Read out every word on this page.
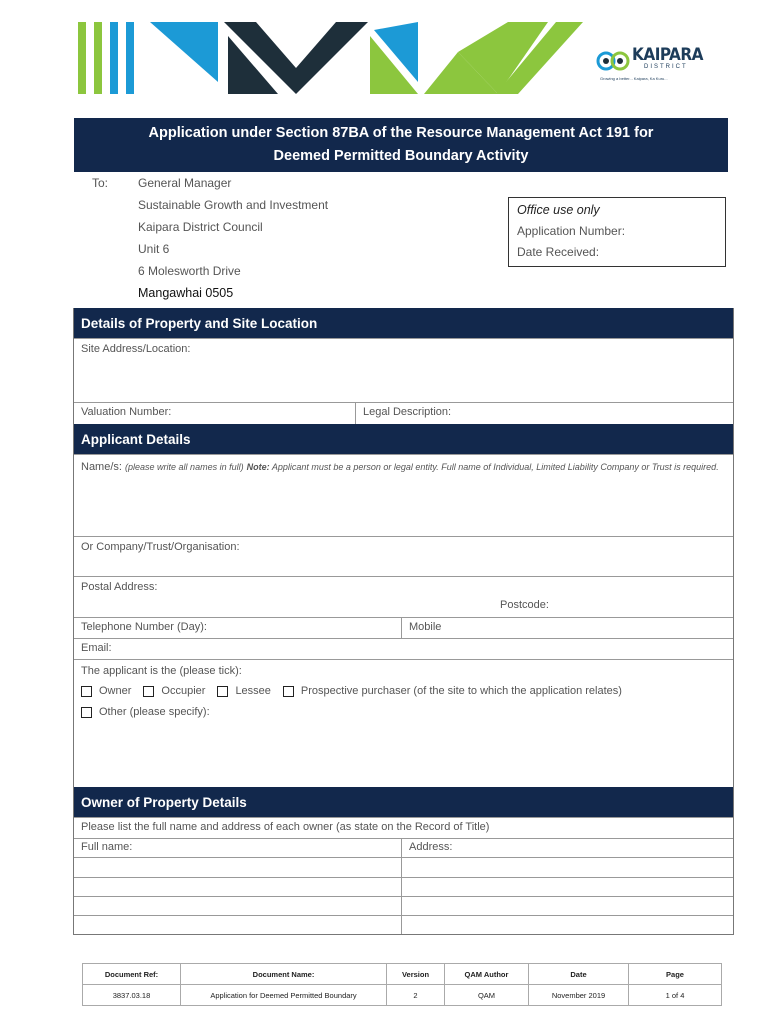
KAIPARA
DISTRICT
Growing a better... Kaipara, Ka Kuru...
Application under Section 87BA of the Resource Management Act 191 for
Deemed Permitted Boundary Activity
To: General Manager
Sustainable Growth and Investment
Kaipara District Council
Unit 6
6 Molesworth Drive
Mangawhai 0505
Office use only
Application Number:
Date Received:
Details of Property and Site Location
Site Address/Location:
Valuation Number:	Legal Description:
Applicant Details
Name/s: (please write all names in full) Note: Applicant must be a person or legal entity. Full name of Individual, Limited Liability Company or Trust is required.
Or Company/Trust/Organisation:
Postal Address:
Postcode:
Telephone Number (Day):	Mobile
Email:
The applicant is the (please tick):
Owner	Occupier	Lessee	Prospective purchaser (of the site to which the application relates)
Other (please specify):
Owner of Property Details
Please list the full name and address of each owner (as state on the Record of Title)
Full name:	Address:
Document Ref:	Document Name:	Version	QAM Author	Date	Page
3837.03.18	Application for Deemed Permitted Boundary	2	QAM	November 2019	1 of 4
